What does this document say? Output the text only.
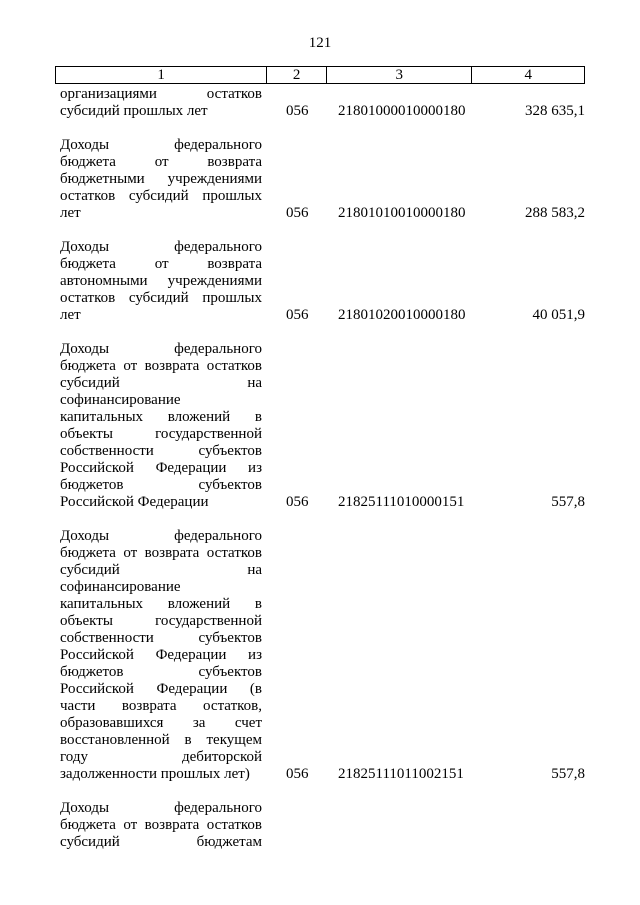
121
1	2	3	4
организациями остатков
субсидий прошлых лет	056 21801000010000180	328 635,1
Доходы федерального
бюджета от возврата
бюджетными учреждениями
остатков субсидий прошлых
лет	056 21801010010000180	288 583,2
Доходы федерального
бюджета от возврата
автономными учреждениями
остатков субсидий прошлых
лет	056 21801020010000180	40 051,9
Доходы федерального
бюджета от возврата остатков
субсидий на
софинансирование
капитальных вложений в
объекты государственной
собственности субъектов
Российской Федерации из
бюджетов субъектов
Российской Федерации	056 21825111010000151	557,8
Доходы федерального
бюджета от возврата остатков
субсидий на
софинансирование
капитальных вложений в
объекты государственной
собственности субъектов
Российской Федерации из
бюджетов субъектов
Российской Федерации (в
части возврата остатков,
образовавшихся за счет
восстановленной в текущем
году дебиторской
задолженности прошлых лет)	056 21825111011002151	557,8
Доходы федерального
бюджета от возврата остатков
субсидий бюджетам
